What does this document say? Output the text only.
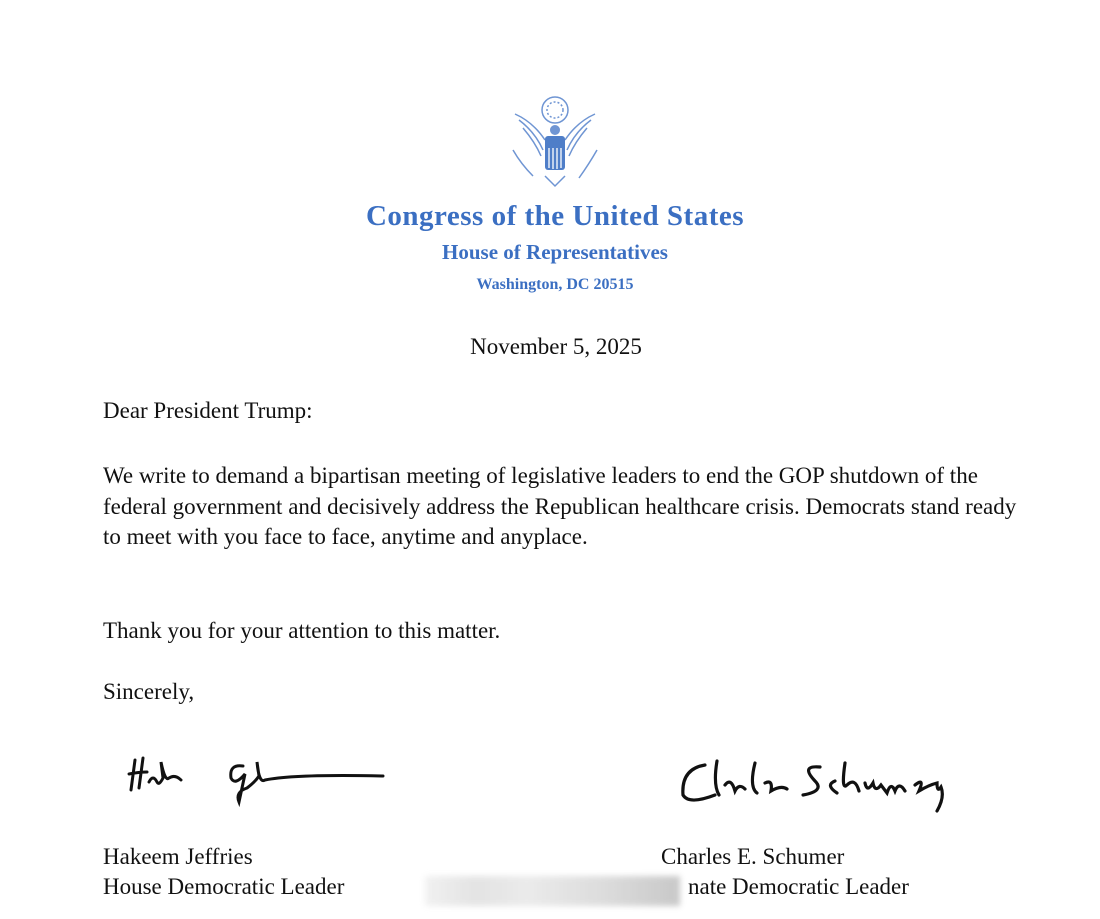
Congress of the United States
House of Representatives
Washington, DC 20515
November 5, 2025
Dear President Trump:
We write to demand a bipartisan meeting of legislative leaders to end the GOP shutdown of the federal government and decisively address the Republican healthcare crisis. Democrats stand ready to meet with you face to face, anytime and anyplace.
Thank you for your attention to this matter.
Sincerely,
Hakeem Jeffries
House Democratic Leader
Charles E. Schumer
nate Democratic Leader
